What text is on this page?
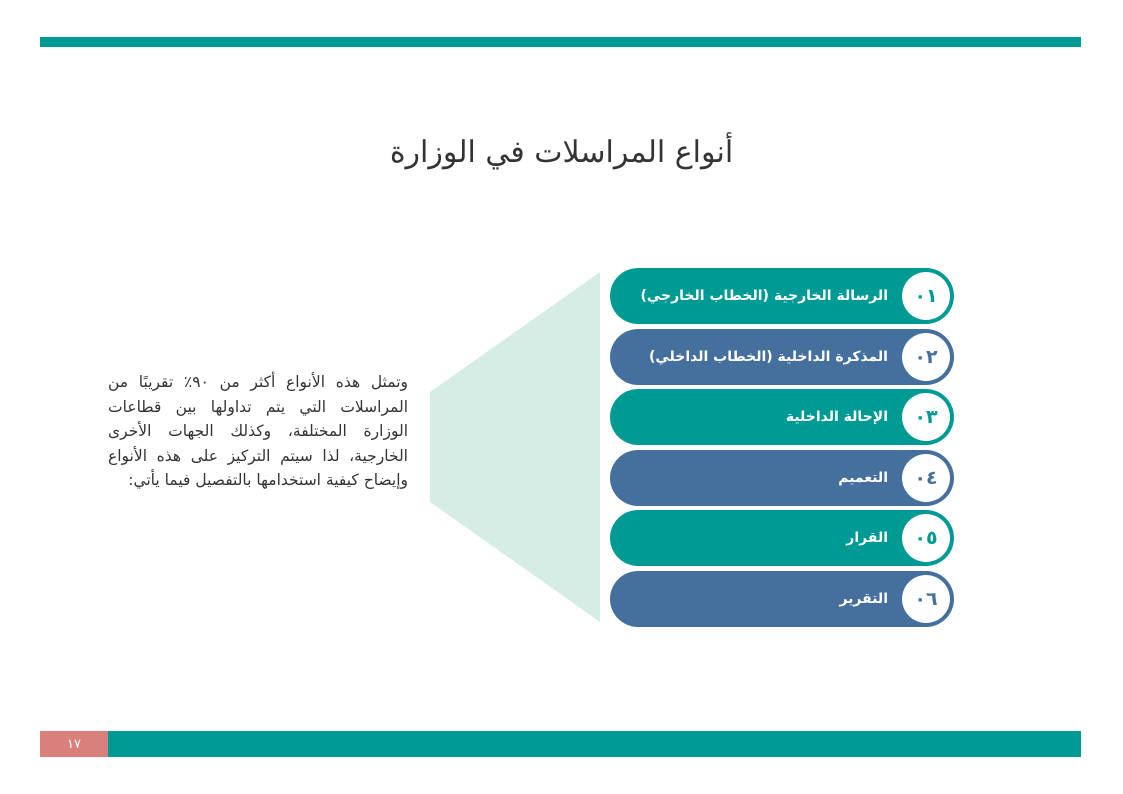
أنواع المراسلات في الوزارة
وتمثل هذه الأنواع أكثر من ٩٠٪ تقريبًا من المراسلات التي يتم تداولها بين قطاعات الوزارة المختلفة، وكذلك الجهات الأخرى الخارجية، لذا سيتم التركيز على هذه الأنواع وإيضاح كيفية استخدامها بالتفصيل فيما يأتي:
٠١
الرسالة الخارجية (الخطاب الخارجي)
٠٢
المذكرة الداخلية (الخطاب الداخلي)
٠٣
الإحالة الداخلية
٠٤
التعميم
٠٥
القرار
٠٦
التقرير
١٧
